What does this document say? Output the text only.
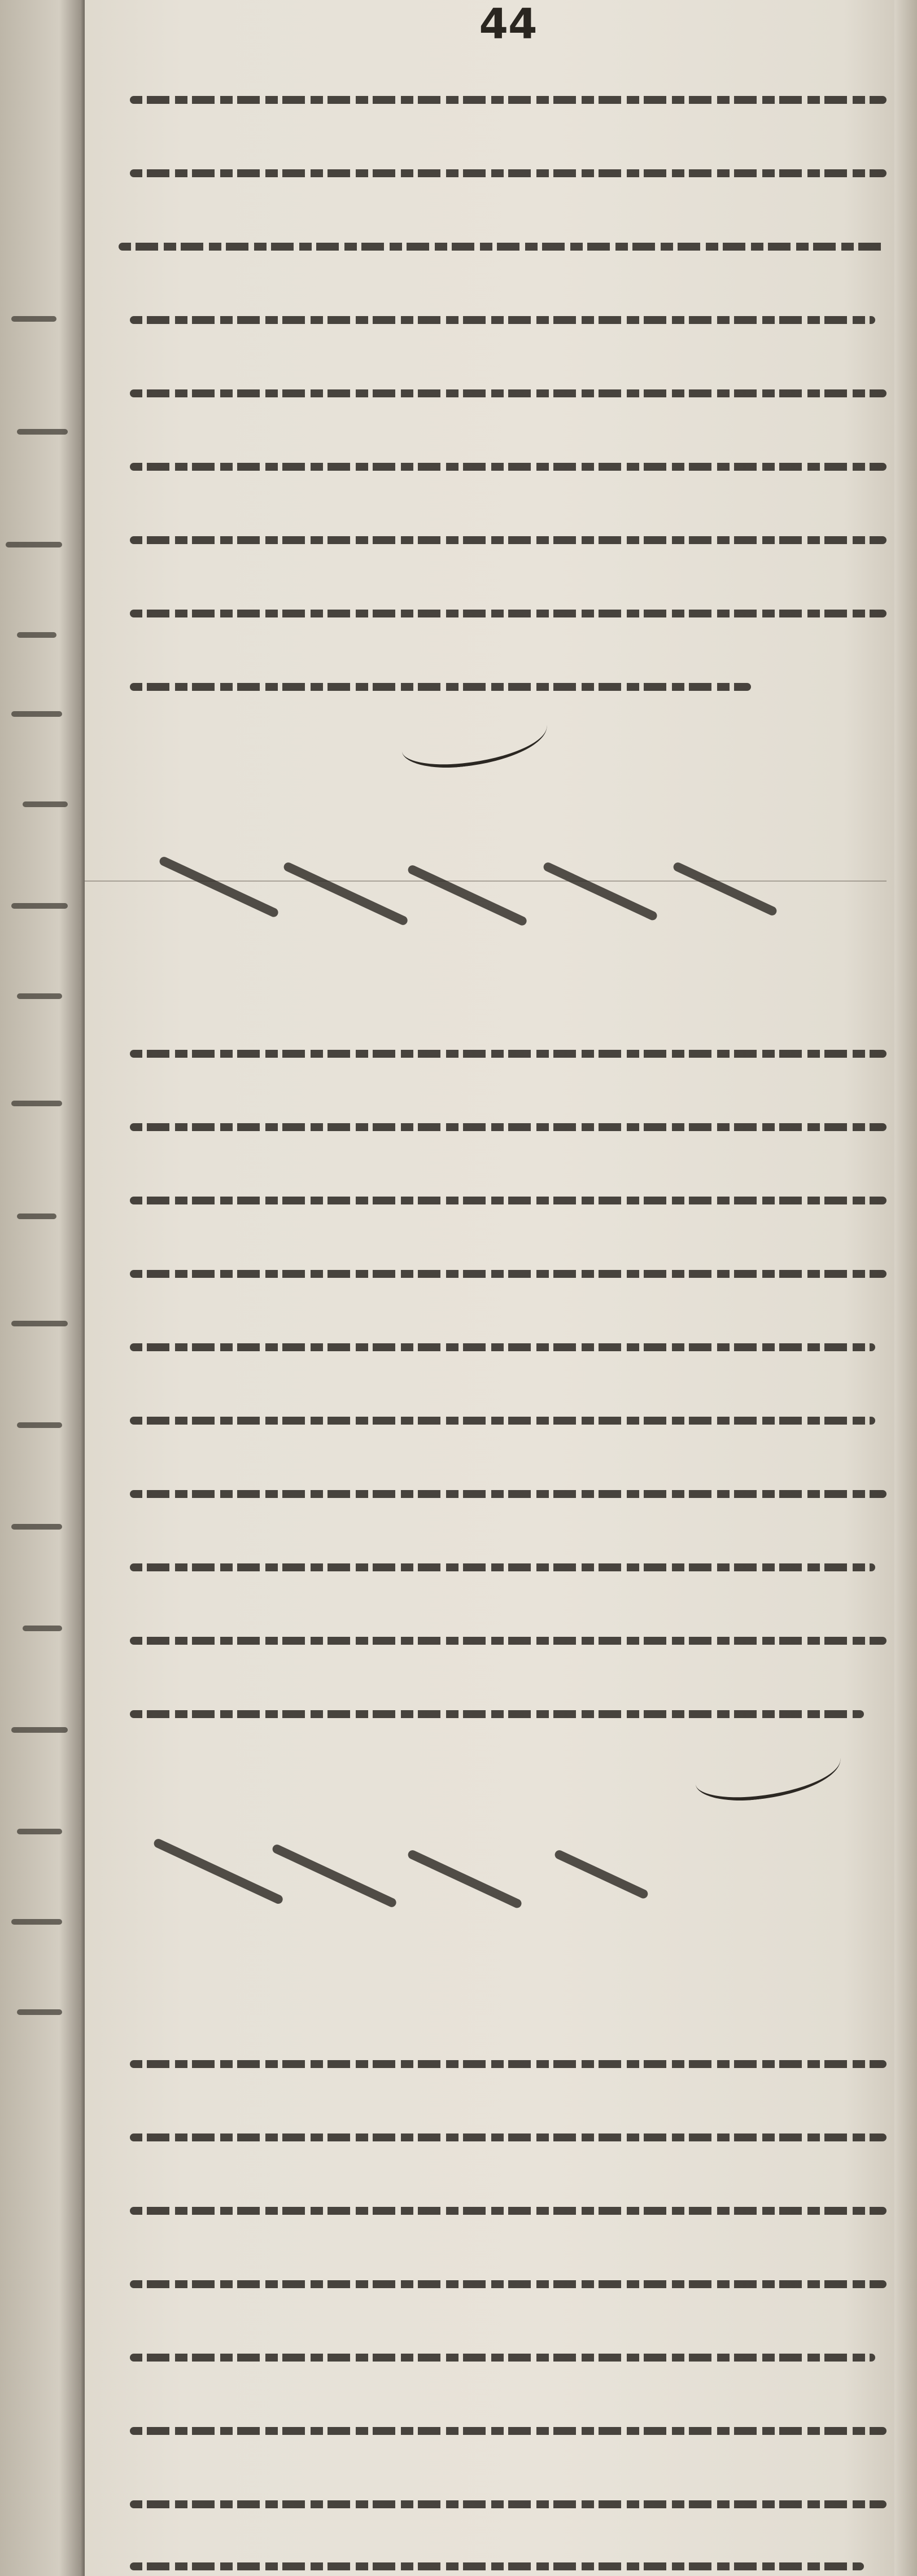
44
